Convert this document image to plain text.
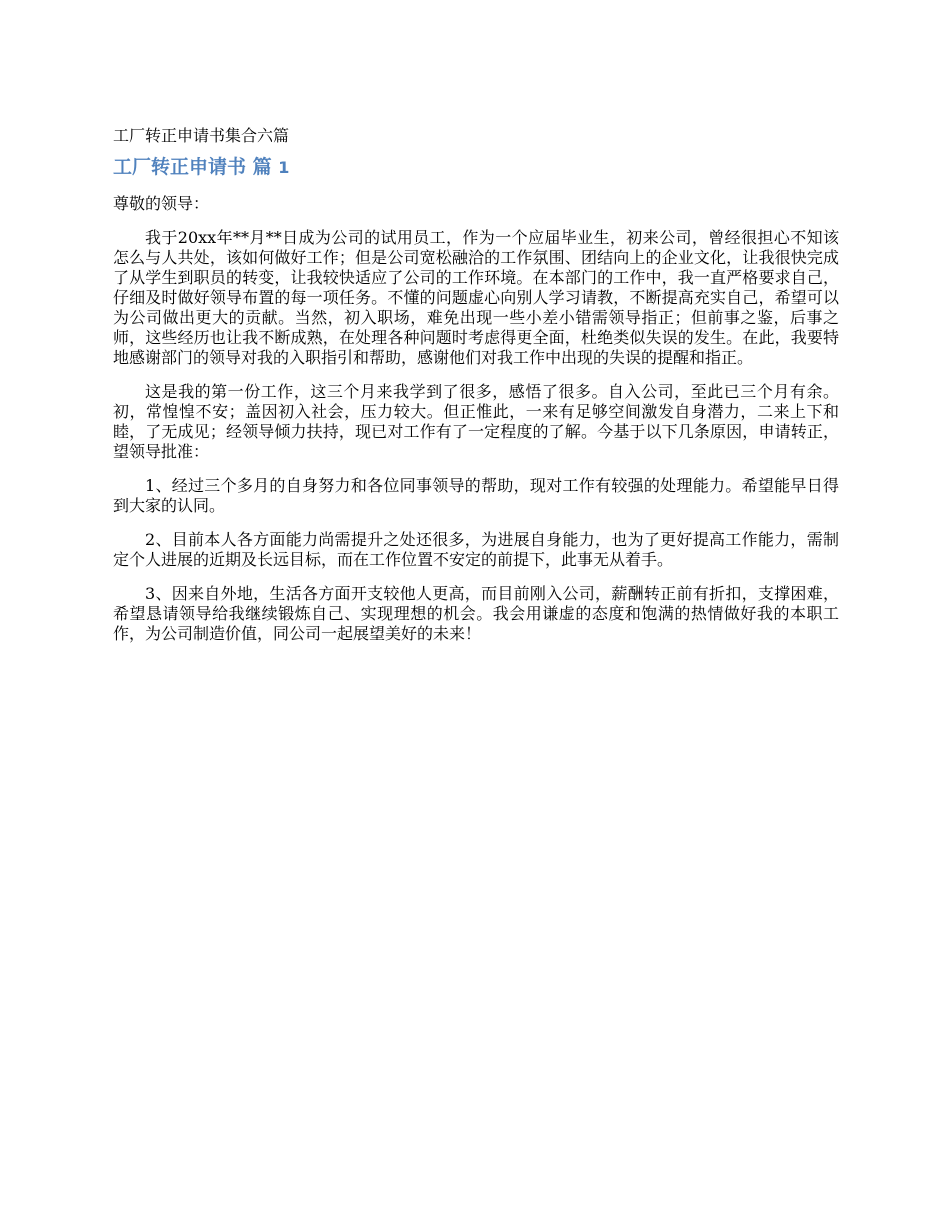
工厂转正申请书集合六篇
工厂转正申请书 篇 1

尊敬的领导：

我于20xx年**月**日成为公司的试用员工，作为一个应届毕业生，初来公司，曾经很担心不知该怎么与人共处，该如何做好工作；但是公司宽松融洽的工作氛围、团结向上的企业文化，让我很快完成了从学生到职员的转变，让我较快适应了公司的工作环境。在本部门的工作中，我一直严格要求自己，仔细及时做好领导布置的每一项任务。不懂的问题虚心向别人学习请教，不断提高充实自己，希望可以为公司做出更大的贡献。当然，初入职场，难免出现一些小差小错需领导指正；但前事之鉴，后事之师，这些经历也让我不断成熟，在处理各种问题时考虑得更全面，杜绝类似失误的发生。在此，我要特地感谢部门的领导对我的入职指引和帮助，感谢他们对我工作中出现的失误的提醒和指正。

这是我的第一份工作，这三个月来我学到了很多，感悟了很多。自入公司，至此已三个月有余。初，常惶惶不安；盖因初入社会，压力较大。但正惟此，一来有足够空间激发自身潜力，二来上下和睦，了无成见；经领导倾力扶持，现已对工作有了一定程度的了解。今基于以下几条原因，申请转正，望领导批准：

1、经过三个多月的自身努力和各位同事领导的帮助，现对工作有较强的处理能力。希望能早日得到大家的认同。

2、目前本人各方面能力尚需提升之处还很多，为进展自身能力，也为了更好提高工作能力，需制定个人进展的近期及长远目标，而在工作位置不安定的前提下，此事无从着手。

3、因来自外地，生活各方面开支较他人更高，而目前刚入公司，薪酬转正前有折扣，支撑困难，希望恳请领导给我继续锻炼自己、实现理想的机会。我会用谦虚的态度和饱满的热情做好我的本职工作，为公司制造价值，同公司一起展望美好的未来！
